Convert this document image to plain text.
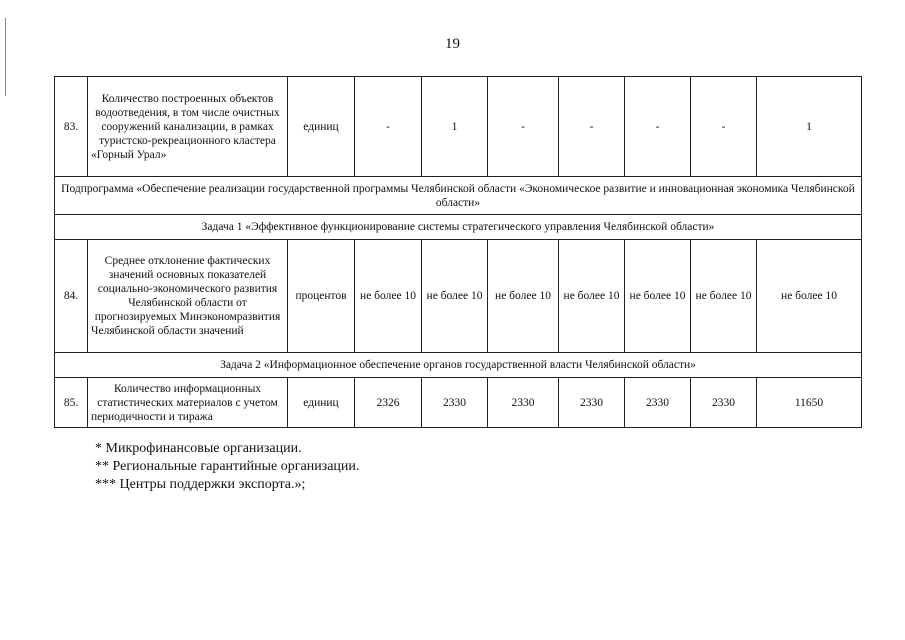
19
83.	Количество построенных объектов водоотведения, в том числе очистных сооружений канализации, в рамках туристско-рекреационного кластера «Горный Урал»	единиц	-	1	-	-	-	-	1
Подпрограмма «Обеспечение реализации государственной программы Челябинской области «Экономическое развитие и инновационная экономика Челябинской области»									
Задача 1 «Эффективное функционирование системы стратегического управления Челябинской области»									
84.	Среднее отклонение фактических значений основных показателей социально-экономического развития Челябинской области от прогнозируемых Минэкономразвития Челябинской области значений	процентов	не более 10	не более 10	не более 10	не более 10	не более 10	не более 10	не более 10
Задача 2 «Информационное обеспечение органов государственной власти Челябинской области»									
85.	Количество информационных статистических материалов с учетом периодичности и тиража	единиц	2326	2330	2330	2330	2330	2330	11650
* Микрофинансовые организации.
** Региональные гарантийные организации.
*** Центры поддержки экспорта.»;
